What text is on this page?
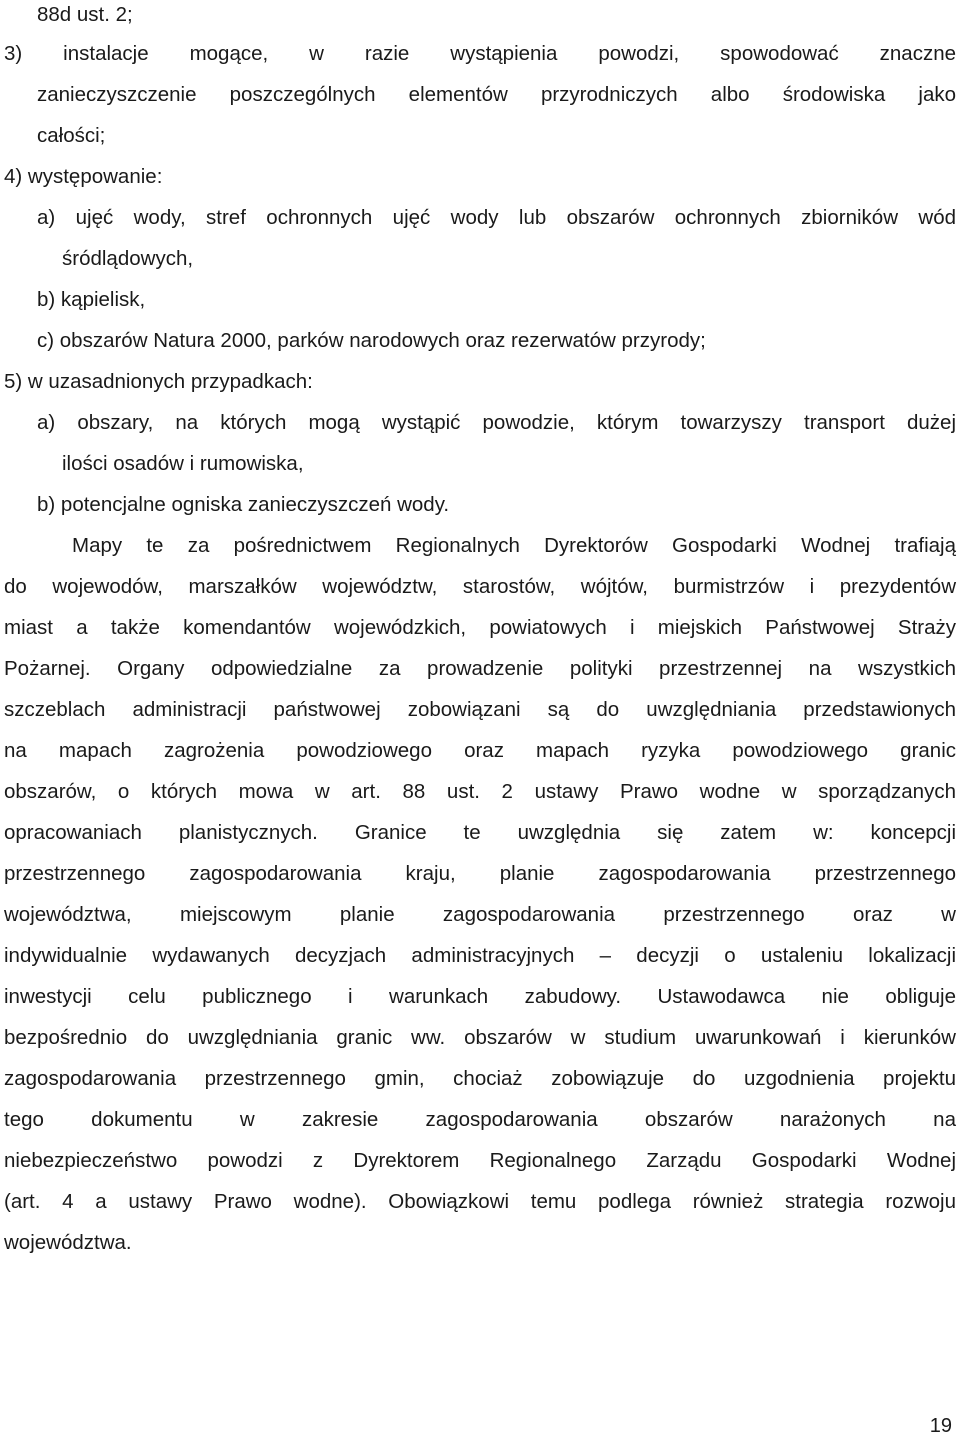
88d ust. 2;
3) instalacje mogące, w razie wystąpienia powodzi, spowodować znaczne
zanieczyszczenie poszczególnych elementów przyrodniczych albo środowiska jako
całości;
4) występowanie:
a) ujęć wody, stref ochronnych ujęć wody lub obszarów ochronnych zbiorników wód
śródlądowych,
b) kąpielisk,
c) obszarów Natura 2000, parków narodowych oraz rezerwatów przyrody;
5) w uzasadnionych przypadkach:
a) obszary, na których mogą wystąpić powodzie, którym towarzyszy transport dużej
ilości osadów i rumowiska,
b) potencjalne ogniska zanieczyszczeń wody.
Mapy te za pośrednictwem Regionalnych Dyrektorów Gospodarki Wodnej trafiają
do wojewodów, marszałków województw, starostów, wójtów, burmistrzów i prezydentów
miast a także komendantów wojewódzkich, powiatowych i miejskich Państwowej Straży
Pożarnej. Organy odpowiedzialne za prowadzenie polityki przestrzennej na wszystkich
szczeblach administracji państwowej zobowiązani są do uwzględniania przedstawionych
na mapach zagrożenia powodziowego oraz mapach ryzyka powodziowego granic
obszarów, o których mowa w art. 88 ust. 2 ustawy Prawo wodne w sporządzanych
opracowaniach planistycznych. Granice te uwzględnia się zatem w: koncepcji
przestrzennego zagospodarowania kraju, planie zagospodarowania przestrzennego
województwa, miejscowym planie zagospodarowania przestrzennego oraz w
indywidualnie wydawanych decyzjach administracyjnych – decyzji o ustaleniu lokalizacji
inwestycji celu publicznego i warunkach zabudowy. Ustawodawca nie obliguje
bezpośrednio do uwzględniania granic ww. obszarów w studium uwarunkowań i kierunków
zagospodarowania przestrzennego gmin, chociaż zobowiązuje do uzgodnienia projektu
tego dokumentu w zakresie zagospodarowania obszarów narażonych na
niebezpieczeństwo powodzi z Dyrektorem Regionalnego Zarządu Gospodarki Wodnej
(art. 4 a ustawy Prawo wodne). Obowiązkowi temu podlega również strategia rozwoju
województwa.
19
